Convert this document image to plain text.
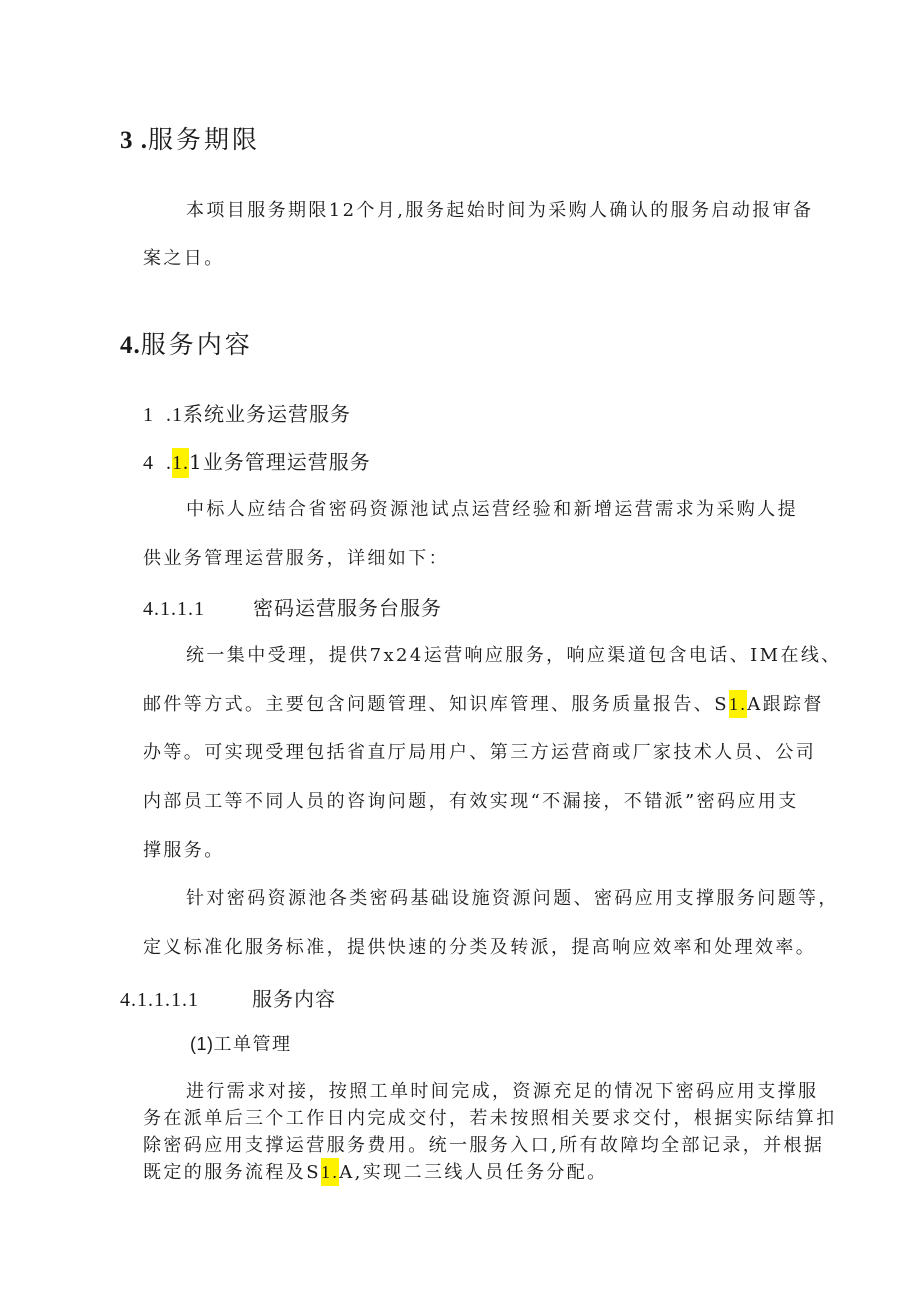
3 .服务期限
本项目服务期限12个月,服务起始时间为采购人确认的服务启动报审备
案之日。
4.服务内容
1  .1系统业务运营服务
4  .1.1业务管理运营服务
中标人应结合省密码资源池试点运营经验和新增运营需求为采购人提
供业务管理运营服务，详细如下：
4.1.1.1 密码运营服务台服务
统一集中受理，提供7x24运营响应服务，响应渠道包含电话、IM在线、
邮件等方式。主要包含问题管理、知识库管理、服务质量报告、S1.A跟踪督
办等。可实现受理包括省直厅局用户、第三方运营商或厂家技术人员、公司
内部员工等不同人员的咨询问题，有效实现“不漏接，不错派”密码应用支
撑服务。
针对密码资源池各类密码基础设施资源问题、密码应用支撑服务问题等，
定义标准化服务标准，提供快速的分类及转派，提高响应效率和处理效率。
4.1.1.1.1	服务内容
(1)工单管理
进行需求对接，按照工单时间完成，资源充足的情况下密码应用支撑服
务在派单后三个工作日内完成交付，若未按照相关要求交付，根据实际结算扣
除密码应用支撑运营服务费用。统一服务入口,所有故障均全部记录，并根据
既定的服务流程及S1.A,实现二三线人员任务分配。
